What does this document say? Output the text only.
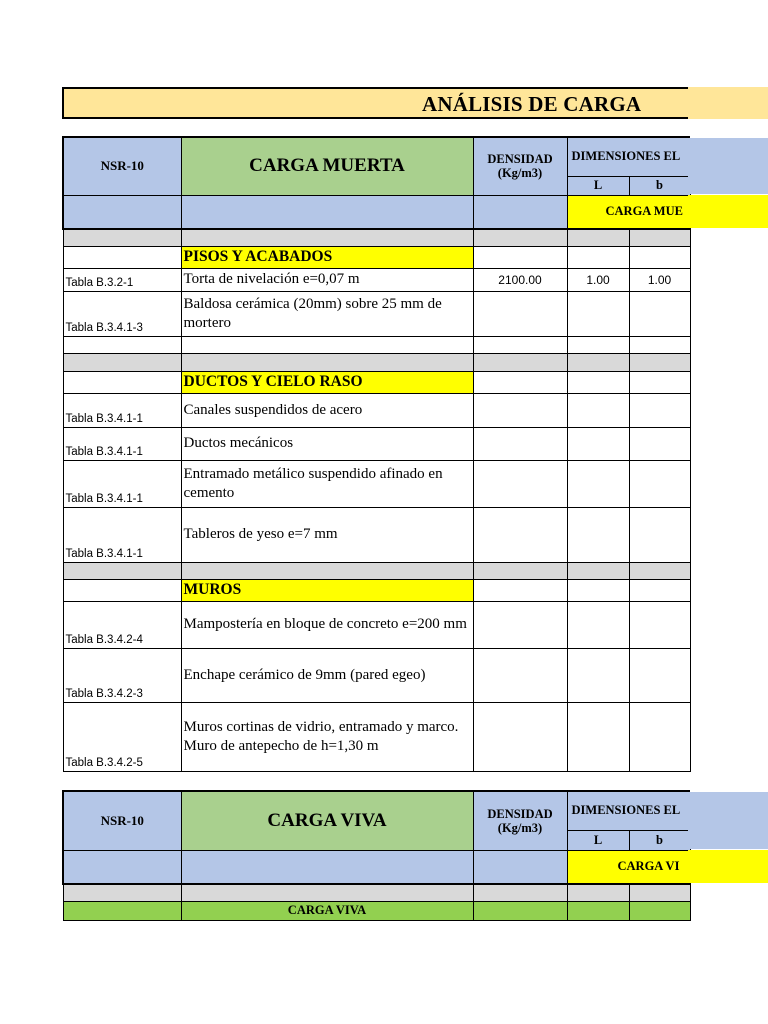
ANÁLISIS DE CARGA
NSR-10	CARGA MUERTA	DENSIDAD (Kg/m3)	DIMENSIONES EL	
			L	b
			CARGA MUE	

	PISOS Y ACABADOS			
Tabla B.3.2-1	Torta de nivelación e=0,07 m	2100.00	1.00	1.00
Tabla B.3.4.1-3	Baldosa cerámica (20mm) sobre 25 mm de mortero			

	DUCTOS Y CIELO RASO			
Tabla B.3.4.1-1	Canales suspendidos de acero			
Tabla B.3.4.1-1	Ductos mecánicos			
Tabla B.3.4.1-1	Entramado metálico suspendido afinado en cemento			
Tabla B.3.4.1-1	Tableros de yeso e=7 mm			

	MUROS			
Tabla B.3.4.2-4	Mampostería en bloque de concreto e=200 mm			
Tabla B.3.4.2-3	Enchape cerámico de 9mm (pared egeo)			
Tabla B.3.4.2-5	Muros cortinas de vidrio, entramado y marco. Muro de antepecho de h=1,30 m			
NSR-10	CARGA VIVA	DENSIDAD (Kg/m3)	DIMENSIONES EL	
			L	b
			CARGA VI	

	CARGA VIVA			
